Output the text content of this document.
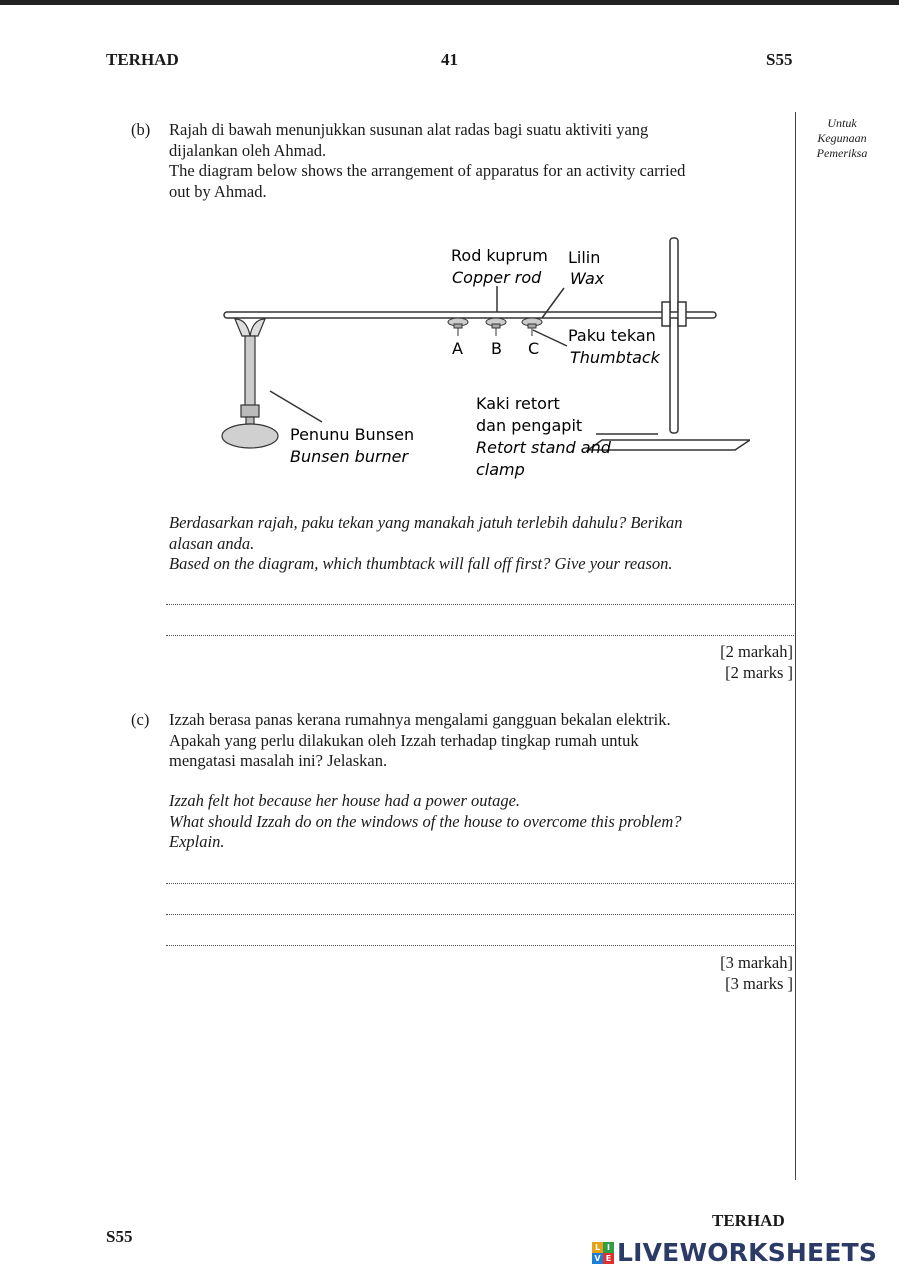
TERHAD	41	S55
Untuk
Kegunaan
Pemeriksa
(b) Rajah di bawah menunjukkan susunan alat radas bagi suatu aktiviti yang
dijalankan oleh Ahmad.
The diagram below shows the arrangement of apparatus for an activity carried
out by Ahmad.
Rod kuprum
Copper rod
Lilin
Wax
A B C
Paku tekan
Thumbtack
Kaki retort
dan pengapit
Retort stand and
clamp
Penunu Bunsen
Bunsen burner
Berdasarkan rajah, paku tekan yang manakah jatuh terlebih dahulu? Berikan
alasan anda.
Based on the diagram, which thumbtack will fall off first? Give your reason.
[2 markah]
[2 marks ]
(c) Izzah berasa panas kerana rumahnya mengalami gangguan bekalan elektrik.
Apakah yang perlu dilakukan oleh Izzah terhadap tingkap rumah untuk
mengatasi masalah ini? Jelaskan.
Izzah felt hot because her house had a power outage.
What should Izzah do on the windows of the house to overcome this problem?
Explain.
[3 markah]
[3 marks ]
S55
TERHAD
L I
V E LIVEWORKSHEETS
